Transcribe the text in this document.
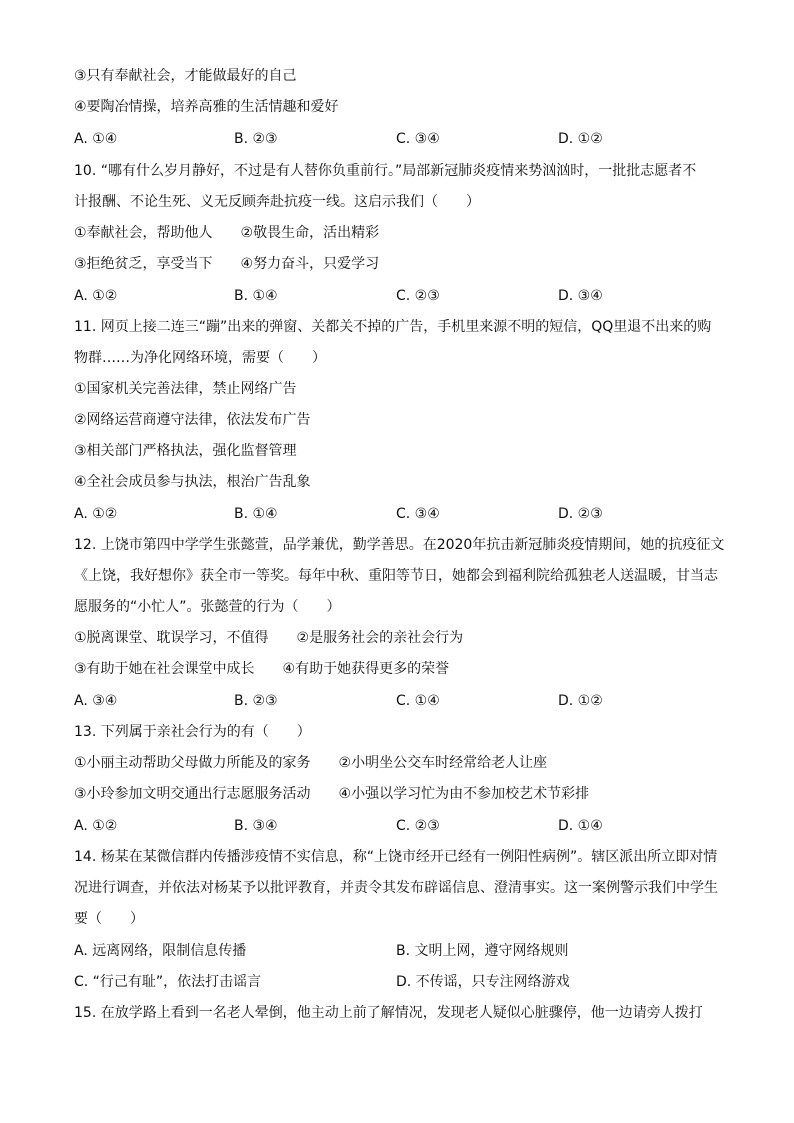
③只有奉献社会，才能做最好的自己
④要陶冶情操，培养高雅的生活情趣和爱好
A. ①④	B. ②③	C. ③④	D. ①②
10. “哪有什么岁月静好，不过是有人替你负重前行。”局部新冠肺炎疫情来势汹汹时，一批批志愿者不
计报酬、不论生死、义无反顾奔赴抗疫一线。这启示我们（　　）
①奉献社会，帮助他人　　②敬畏生命，活出精彩
③拒绝贫乏，享受当下　　④努力奋斗，只爱学习
A. ①②	B. ①④	C. ②③	D. ③④
11. 网页上接二连三“蹦”出来的弹窗、关都关不掉的广告，手机里来源不明的短信，QQ里退不出来的购
物群……为净化网络环境，需要（　　）
①国家机关完善法律，禁止网络广告
②网络运营商遵守法律，依法发布广告
③相关部门严格执法，强化监督管理
④全社会成员参与执法，根治广告乱象
A. ①②	B. ①④	C. ③④	D. ②③
12. 上饶市第四中学学生张懿萱，品学兼优，勤学善思。在2020年抗击新冠肺炎疫情期间，她的抗疫征文
《上饶，我好想你》获全市一等奖。每年中秋、重阳等节日，她都会到福利院给孤独老人送温暖，甘当志
愿服务的“小忙人”。张懿萱的行为（　　）
①脱离课堂、耽误学习，不值得　　②是服务社会的亲社会行为
③有助于她在社会课堂中成长　　④有助于她获得更多的荣誉
A. ③④	B. ②③	C. ①④	D. ①②
13. 下列属于亲社会行为的有（　　）
①小丽主动帮助父母做力所能及的家务　　②小明坐公交车时经常给老人让座
③小玲参加文明交通出行志愿服务活动　　④小强以学习忙为由不参加校艺术节彩排
A. ①②	B. ③④	C. ②③	D. ①④
14. 杨某在某微信群内传播涉疫情不实信息，称“上饶市经开已经有一例阳性病例”。辖区派出所立即对情
况进行调查，并依法对杨某予以批评教育，并责令其发布辟谣信息、澄清事实。这一案例警示我们中学生
要（　　）
A. 远离网络，限制信息传播	B. 文明上网，遵守网络规则
C. “行己有耻”，依法打击谣言	D. 不传谣，只专注网络游戏
15. 在放学路上看到一名老人晕倒，他主动上前了解情况，发现老人疑似心脏骤停，他一边请旁人拨打
